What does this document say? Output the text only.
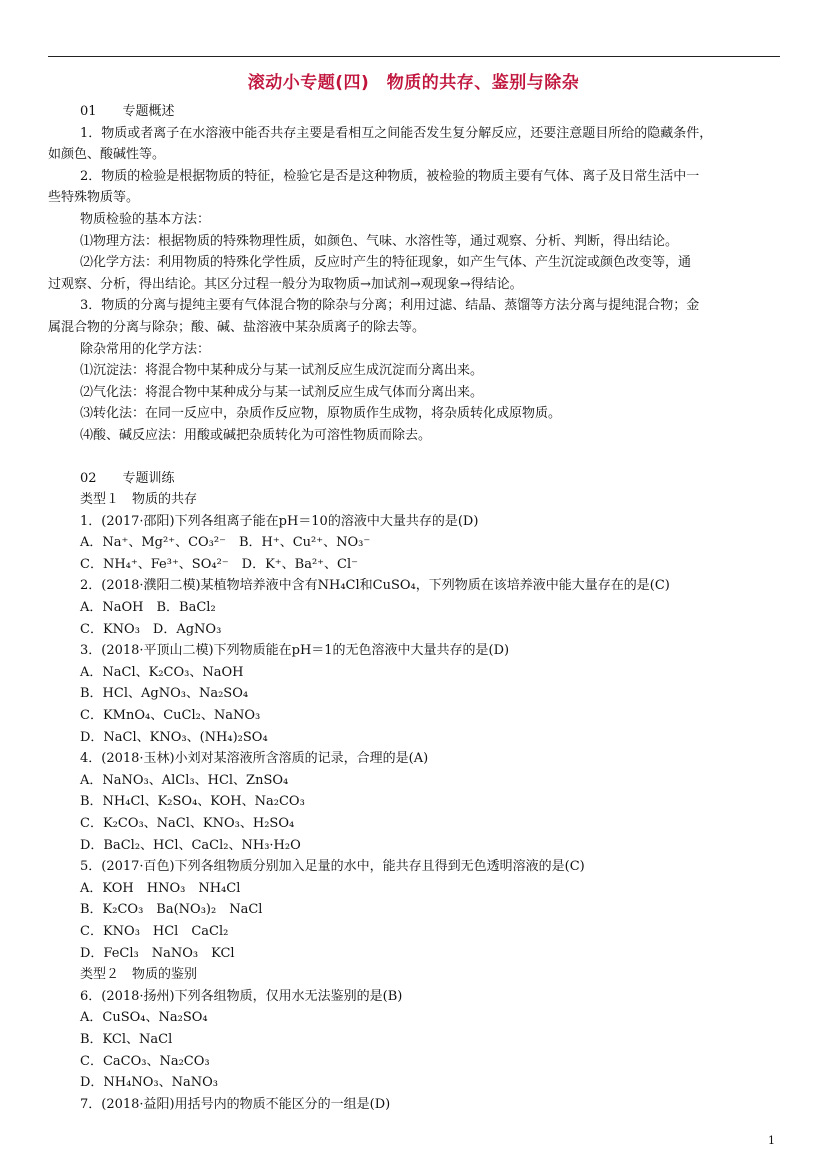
滚动小专题(四)　物质的共存、鉴别与除杂

01　　专题概述

1．物质或者离子在水溶液中能否共存主要是看相互之间能否发生复分解反应，还要注意题目所给的隐藏条件，

如颜色、酸碱性等。

2．物质的检验是根据物质的特征，检验它是否是这种物质，被检验的物质主要有气体、离子及日常生活中一

些特殊物质等。

物质检验的基本方法：

⑴物理方法：根据物质的特殊物理性质，如颜色、气味、水溶性等，通过观察、分析、判断，得出结论。

⑵化学方法：利用物质的特殊化学性质，反应时产生的特征现象，如产生气体、产生沉淀或颜色改变等，通

过观察、分析，得出结论。其区分过程一般分为取物质→加试剂→观现象→得结论。

3．物质的分离与提纯主要有气体混合物的除杂与分离；利用过滤、结晶、蒸馏等方法分离与提纯混合物；金

属混合物的分离与除杂；酸、碱、盐溶液中某杂质离子的除去等。

除杂常用的化学方法：

⑴沉淀法：将混合物中某种成分与某一试剂反应生成沉淀而分离出来。

⑵气化法：将混合物中某种成分与某一试剂反应生成气体而分离出来。

⑶转化法：在同一反应中，杂质作反应物，原物质作生成物，将杂质转化成原物质。

⑷酸、碱反应法：用酸或碱把杂质转化为可溶性物质而除去。

02　　专题训练

类型１　物质的共存

1．(2017·邵阳)下列各组离子能在pH＝10的溶液中大量共存的是(D)

A．Na⁺、Mg²⁺、CO₃²⁻　B．H⁺、Cu²⁺、NO₃⁻

C．NH₄⁺、Fe³⁺、SO₄²⁻　D．K⁺、Ba²⁺、Cl⁻

2．(2018·濮阳二模)某植物培养液中含有NH₄Cl和CuSO₄，下列物质在该培养液中能大量存在的是(C)

A．NaOH　B．BaCl₂

C．KNO₃　D．AgNO₃

3．(2018·平顶山二模)下列物质能在pH＝1的无色溶液中大量共存的是(D)

A．NaCl、K₂CO₃、NaOH

B．HCl、AgNO₃、Na₂SO₄

C．KMnO₄、CuCl₂、NaNO₃

D．NaCl、KNO₃、(NH₄)₂SO₄

4．(2018·玉林)小刘对某溶液所含溶质的记录，合理的是(A)

A．NaNO₃、AlCl₃、HCl、ZnSO₄

B．NH₄Cl、K₂SO₄、KOH、Na₂CO₃

C．K₂CO₃、NaCl、KNO₃、H₂SO₄

D．BaCl₂、HCl、CaCl₂、NH₃·H₂O

5．(2017·百色)下列各组物质分别加入足量的水中，能共存且得到无色透明溶液的是(C)

A．KOH　HNO₃　NH₄Cl

B．K₂CO₃　Ba(NO₃)₂　NaCl

C．KNO₃　HCl　CaCl₂

D．FeCl₃　NaNO₃　KCl

类型２　物质的鉴别

6．(2018·扬州)下列各组物质，仅用水无法鉴别的是(B)

A．CuSO₄、Na₂SO₄

B．KCl、NaCl

C．CaCO₃、Na₂CO₃

D．NH₄NO₃、NaNO₃

7．(2018·益阳)用括号内的物质不能区分的一组是(D)

1
